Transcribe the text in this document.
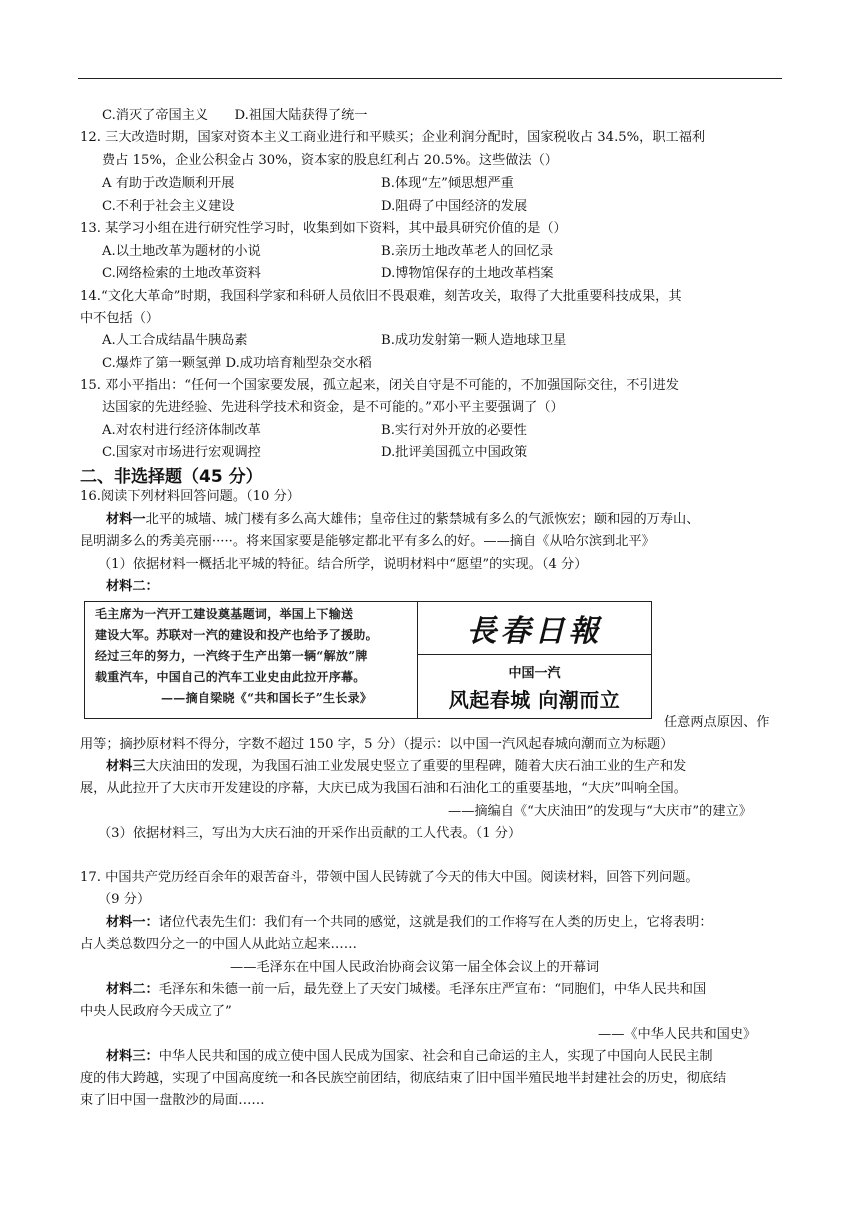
C.消灭了帝国主义　　D.祖国大陆获得了统一
12. 三大改造时期，国家对资本主义工商业进行和平赎买；企业利润分配时，国家税收占 34.5%，职工福利
费占 15%，企业公积金占 30%，资本家的股息红利占 20.5%。这些做法（）
A 有助于改造顺利开展	B.体现“左”倾思想严重
C.不利于社会主义建设	D.阻碍了中国经济的发展
13. 某学习小组在进行研究性学习时，收集到如下资料，其中最具研究价值的是（）
A.以土地改革为题材的小说	B.亲历土地改革老人的回忆录
C.网络检索的土地改革资料	D.博物馆保存的土地改革档案
14.“文化大革命”时期，我国科学家和科研人员依旧不畏艰难，刻苦攻关，取得了大批重要科技成果，其
中不包括（）
A.人工合成结晶牛胰岛素	B.成功发射第一颗人造地球卫星
C.爆炸了第一颗氢弹 D.成功培育籼型杂交水稻
15. 邓小平指出：“任何一个国家要发展，孤立起来，闭关自守是不可能的，不加强国际交往，不引进发
达国家的先进经验、先进科学技术和资金，是不可能的。”邓小平主要强调了（）
A.对农村进行经济体制改革	B.实行对外开放的必要性
C.国家对市场进行宏观调控	D.批评美国孤立中国政策
二、非选择题（45 分）
16.阅读下列材料回答问题。（10 分）
材料一北平的城墙、城门楼有多么高大雄伟；皇帝住过的紫禁城有多么的气派恢宏；颐和园的万寿山、
昆明湖多么的秀美亮丽·····。将来国家要是能够定都北平有多么的好。——摘自《从哈尔滨到北平》
（1）依据材料一概括北平城的特征。结合所学，说明材料中“愿望”的实现。（4 分）
材料二：
毛主席为一汽开工建设奠基题词，举国上下输送
建设大军。苏联对一汽的建设和投产也给予了援助。
经过三年的努力，一汽终于生产出第一辆“解放”牌
载重汽车，中国自己的汽车工业史由此拉开序幕。
——摘自梁晓《“共和国长子”生长录》
長春日報
中国一汽
风起春城 向潮而立
任意两点原因、作
用等；摘抄原材料不得分，字数不超过 150 字，5 分）（提示：以中国一汽风起春城向潮而立为标题）
材料三大庆油田的发现，为我国石油工业发展史竖立了重要的里程碑，随着大庆石油工业的生产和发
展，从此拉开了大庆市开发建设的序幕，大庆已成为我国石油和石油化工的重要基地，“大庆”叫响全国。
——摘编自《“大庆油田”的发现与“大庆市”的建立》
（3）依据材料三，写出为大庆石油的开采作出贡献的工人代表。（1 分）
17. 中国共产党历经百余年的艰苦奋斗，带领中国人民铸就了今天的伟大中国。阅读材料，回答下列问题。
（9 分）
材料一：诸位代表先生们：我们有一个共同的感觉，这就是我们的工作将写在人类的历史上，它将表明：
占人类总数四分之一的中国人从此站立起来……
——毛泽东在中国人民政治协商会议第一届全体会议上的开幕词
材料二：毛泽东和朱德一前一后，最先登上了天安门城楼。毛泽东庄严宣布：“同胞们，中华人民共和国
中央人民政府今天成立了”
——《中华人民共和国史》
材料三：中华人民共和国的成立使中国人民成为国家、社会和自己命运的主人，实现了中国向人民民主制
度的伟大跨越，实现了中国高度统一和各民族空前团结，彻底结束了旧中国半殖民地半封建社会的历史，彻底结
束了旧中国一盘散沙的局面……
